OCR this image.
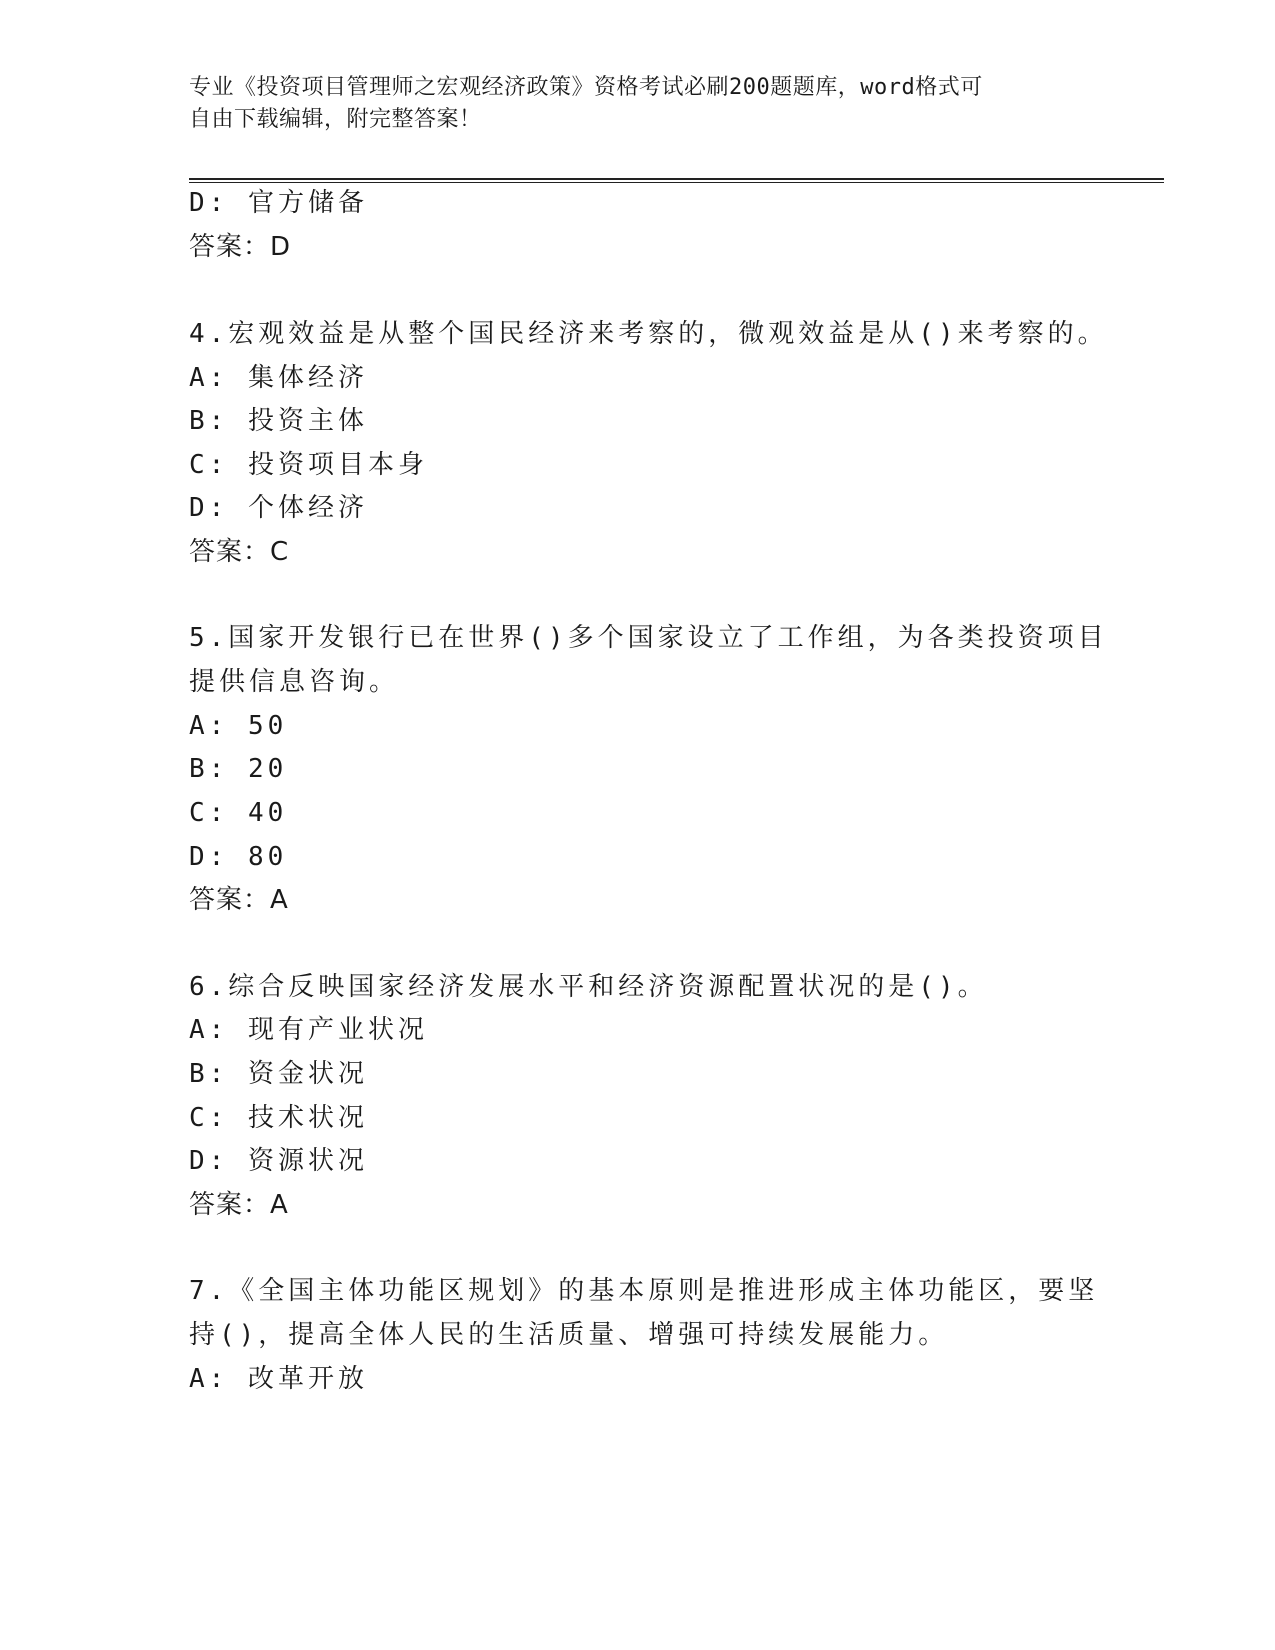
专业《投资项目管理师之宏观经济政策》资格考试必刷200题题库，word格式可
自由下载编辑，附完整答案！
D: 官方储备
答案：D
4.宏观效益是从整个国民经济来考察的，微观效益是从()来考察的。
A: 集体经济
B: 投资主体
C: 投资项目本身
D: 个体经济
答案：C
5.国家开发银行已在世界()多个国家设立了工作组，为各类投资项目
提供信息咨询。
A: 50
B: 20
C: 40
D: 80
答案：A
6.综合反映国家经济发展水平和经济资源配置状况的是()。
A: 现有产业状况
B: 资金状况
C: 技术状况
D: 资源状况
答案：A
7.《全国主体功能区规划》的基本原则是推进形成主体功能区，要坚
持()，提高全体人民的生活质量、增强可持续发展能力。
A: 改革开放
